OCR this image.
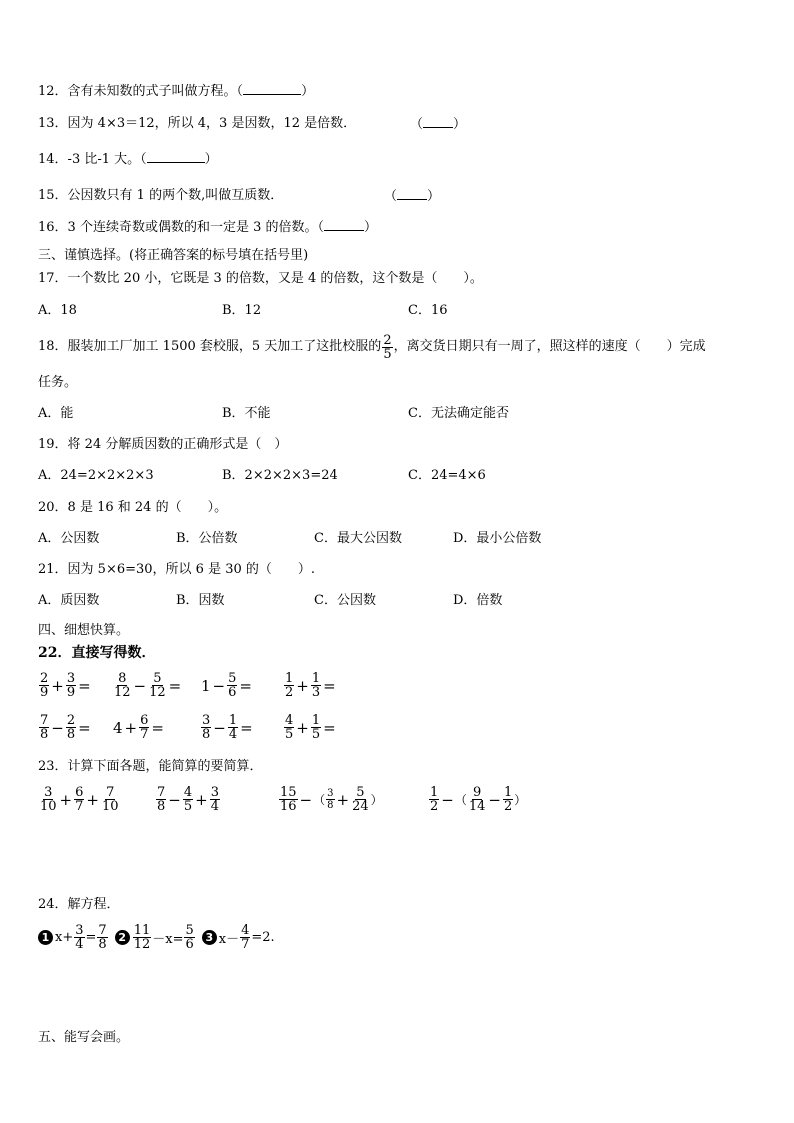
12．含有未知数的式子叫做方程。（	）
13．因为 4×3＝12，所以 4，3 是因数，12 是倍数．	（ ）
14．-3 比-1 大。（	）
15．公因数只有 1 的两个数,叫做互质数．	（ ）
16．3 个连续奇数或偶数的和一定是 3 的倍数。（	）
三、谨慎选择。(将正确答案的标号填在括号里)
17．一个数比 20 小，它既是 3 的倍数，又是 4 的倍数，这个数是（　　）。
A．18	B．12	C．16
18． 服装加工厂加工 1500 套校服，5 天加工了这批校服的 $\frac{2}{5}$ ，离交货日期只有一周了，照这样的速度（　　）完成
任务。
A．能	B．不能	C．无法确定能否
19．将 24 分解质因数的正确形式是（　）
A．24=2×2×2×3	B．2×2×2×3=24	C．24=4×6
20．8 是 16 和 24 的（　　）。
A．公因数	B．公倍数	C．最大公因数	D．最小公倍数
21．因为 5×6=30，所以 6 是 30 的（　　）.
A．质因数	B．因数	C．公因数	D．倍数
四、细想快算。
22．直接写得数．
$\frac{2}{9} + \frac{3}{9} = \frac{8}{12} - \frac{5}{12} = 1 - \frac{5}{6} = \frac{1}{2} + \frac{1}{3}$ =
$\frac{7}{8} - \frac{2}{8} = 4 + \frac{6}{7}$ =	$\frac{3}{8} - \frac{1}{4} = \frac{4}{5} + \frac{1}{5}$ =
23．计算下面各题，能简算的要简算．
$\frac{3}{10} + \frac{6}{7} + \frac{7}{10}$	$\frac{7}{8} - \frac{4}{5} + \frac{3}{4}$	$\frac{15}{16}$ − （ $\frac{3}{8} + \frac{5}{24}$ ）	$\frac{1}{2}$ − （ $\frac{9}{14} - \frac{1}{2}$ ）
24．解方程．
1 $x+ \frac{3}{4} = \frac{7}{8} 2 \frac{11}{12} -x= \frac{5}{6} 3$ $x- \frac{4}{7} =2$.
五、能写会画。
